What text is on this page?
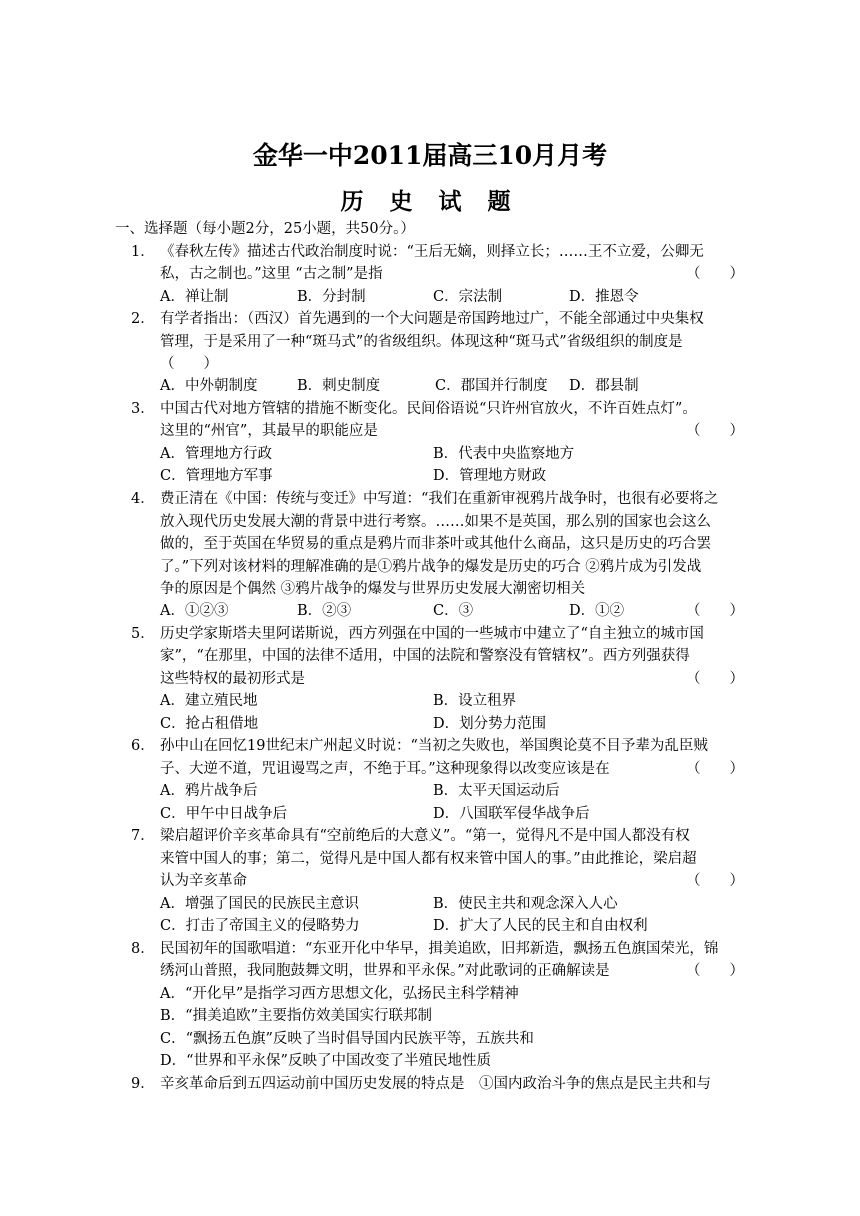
金华一中2011届高三10月月考
历 史 试 题
一、选择题（每小题2分，25小题，共50分。）
1． 《春秋左传》描述古代政治制度时说：“王后无嫡，则择立长；……王不立爱，公卿无
私，古之制也。”这里 “古之制”是指	（　　）
A．禅让制	B．分封制	C．宗法制	D．推恩令
2． 有学者指出：（西汉）首先遇到的一个大问题是帝国跨地过广，不能全部通过中央集权
管理，于是采用了一种“斑马式”的省级组织。体现这种“斑马式”省级组织的制度是
（　　）
A．中外朝制度	B．刺史制度	C．郡国并行制度 D．郡县制
3． 中国古代对地方管辖的措施不断变化。民间俗语说“只许州官放火，不许百姓点灯”。
这里的“州官”，其最早的职能应是	（　　）
A．管理地方行政	B．代表中央监察地方
C．管理地方军事	D．管理地方财政
4． 费正清在《中国：传统与变迁》中写道：“我们在重新审视鸦片战争时，也很有必要将之
放入现代历史发展大潮的背景中进行考察。……如果不是英国，那么别的国家也会这么
做的，至于英国在华贸易的重点是鸦片而非茶叶或其他什么商品，这只是历史的巧合罢
了。”下列对该材料的理解准确的是①鸦片战争的爆发是历史的巧合 ②鸦片成为引发战
争的原因是个偶然 ③鸦片战争的爆发与世界历史发展大潮密切相关
A．①②③	B．②③	C．③	D．①②	（　　）
5． 历史学家斯塔夫里阿诺斯说，西方列强在中国的一些城市中建立了“自主独立的城市国
家”，“在那里，中国的法律不适用，中国的法院和警察没有管辖权”。西方列强获得
这些特权的最初形式是	（　　）
A．建立殖民地	B．设立租界
C．抢占租借地	D．划分势力范围
6． 孙中山在回忆19世纪末广州起义时说：“当初之失败也，举国舆论莫不目予辈为乱臣贼
子、大逆不道，咒诅谩骂之声，不绝于耳。”这种现象得以改变应该是在	（　　）
A．鸦片战争后	B．太平天国运动后
C．甲午中日战争后	D．八国联军侵华战争后
7． 梁启超评价辛亥革命具有“空前绝后的大意义”。“第一，觉得凡不是中国人都没有权
来管中国人的事；第二，觉得凡是中国人都有权来管中国人的事。”由此推论，梁启超
认为辛亥革命	（　　）
A．增强了国民的民族民主意识	B．使民主共和观念深入人心
C．打击了帝国主义的侵略势力	D．扩大了人民的民主和自由权利
8． 民国初年的国歌唱道：“东亚开化中华早，揖美追欧，旧邦新造，飘扬五色旗国荣光，锦
绣河山普照，我同胞鼓舞文明，世界和平永保。”对此歌词的正确解读是	（　　）
A．“开化早”是指学习西方思想文化，弘扬民主科学精神
B．“揖美追欧”主要指仿效美国实行联邦制
C．“飘扬五色旗”反映了当时倡导国内民族平等，五族共和
D．“世界和平永保”反映了中国改变了半殖民地性质
9． 辛亥革命后到五四运动前中国历史发展的特点是　①国内政治斗争的焦点是民主共和与
